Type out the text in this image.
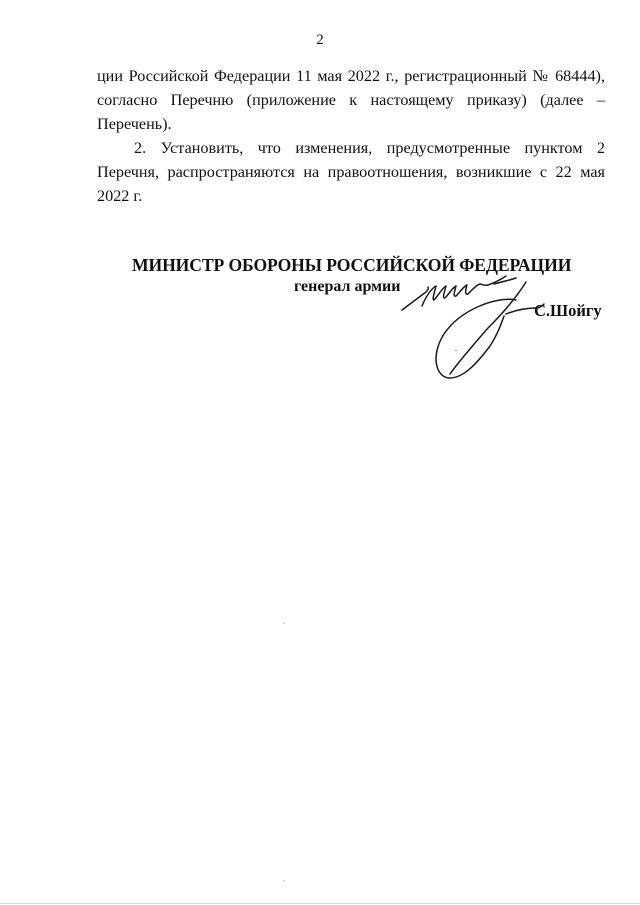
2

ции Российской Федерации 11 мая 2022 г., регистрационный № 68444), согласно Перечню (приложение к настоящему приказу) (далее – Перечень).

2. Установить, что изменения, предусмотренные пунктом 2 Перечня, распространяются на правоотношения, возникшие с 22 мая 2022 г.

МИНИСТР ОБОРОНЫ РОССИЙСКОЙ ФЕДЕРАЦИИ
генерал армии
С.Шойгу
